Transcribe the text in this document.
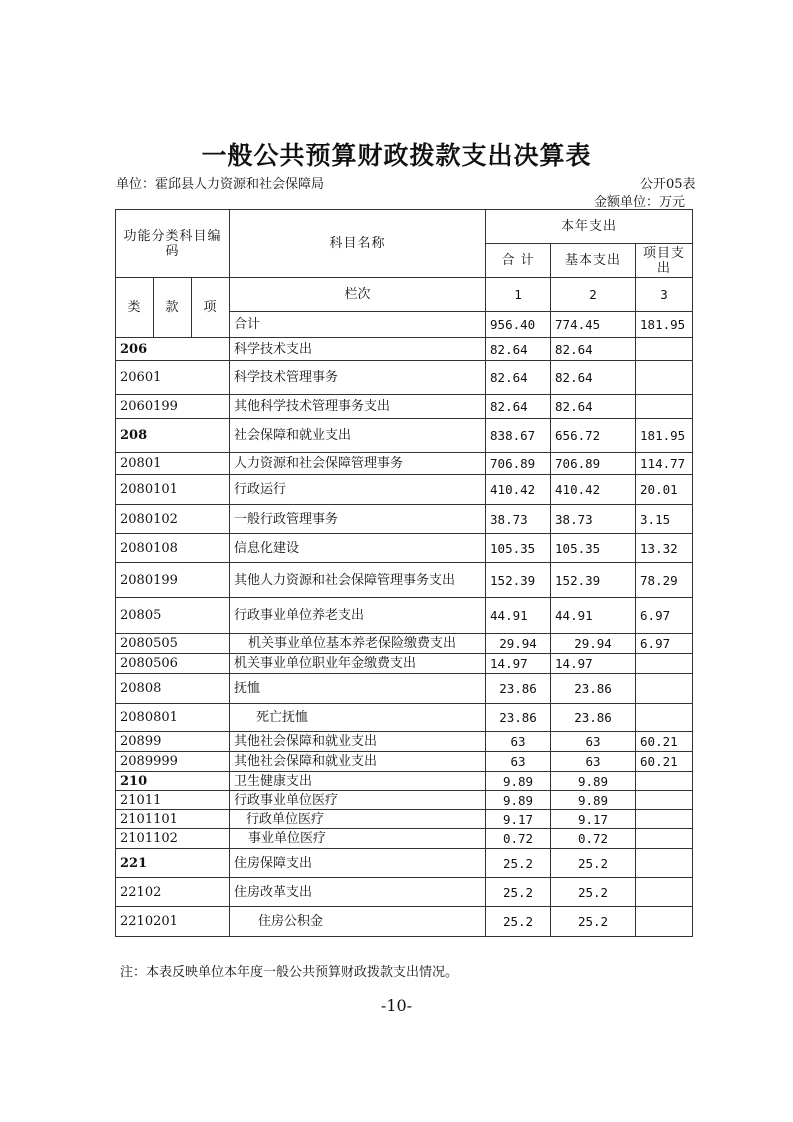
一般公共预算财政拨款支出决算表
单位：霍邱县人力资源和社会保障局	公开05表
金额单位：万元
功能分类科目编码			科目名称	本年支出		
				合 计	基本支出	项目支出
类	款	项	栏次	1	2	3
			合计	956.40	774.45	181.95
206			科学技术支出	82.64	82.64	
20601			科学技术管理事务	82.64	82.64	
2060199			其他科学技术管理事务支出	82.64	82.64	
208			社会保障和就业支出	838.67	656.72	181.95
20801			人力资源和社会保障管理事务	706.89	706.89	114.77
2080101			行政运行	410.42	410.42	20.01
2080102			一般行政管理事务	38.73	38.73	3.15
2080108			信息化建设	105.35	105.35	13.32
2080199			其他人力资源和社会保障管理事务支出	152.39	152.39	78.29
20805			行政事业单位养老支出	44.91	44.91	6.97
2080505			机关事业单位基本养老保险缴费支出	29.94	29.94	6.97
2080506			机关事业单位职业年金缴费支出	14.97	14.97	
20808			抚恤	23.86	23.86	
2080801			死亡抚恤	23.86	23.86	
20899			其他社会保障和就业支出	63	63	60.21
2089999			其他社会保障和就业支出	63	63	60.21
210			卫生健康支出	9.89	9.89	
21011			行政事业单位医疗	9.89	9.89	
2101101			行政单位医疗	9.17	9.17	
2101102			事业单位医疗	0.72	0.72	
221			住房保障支出	25.2	25.2	
22102			住房改革支出	25.2	25.2	
2210201			住房公积金	25.2	25.2	
注：本表反映单位本年度一般公共预算财政拨款支出情况。
-10-
